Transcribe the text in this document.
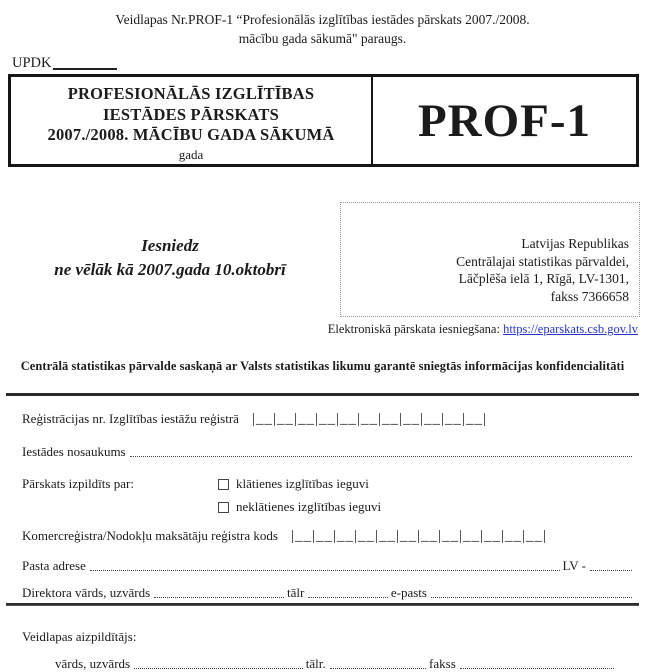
Veidlapas Nr.PROF-1 “Profesionālās izglītības iestādes pārskats 2007./2008.
mācību gada sākumā" paraugs.
UPDK
PROFESIONĀLĀS IZGLĪTĪBAS
IESTĀDES PĀRSKATS
2007./2008. MĀCĪBU GADA SĀKUMĀ
gada
PROF-1
Iesniedz
ne vēlāk kā 2007.gada 10.oktobrī
Latvijas Republikas
Centrālajai statistikas pārvaldei,
Lāčplēša ielā 1, Rīgā, LV-1301,
fakss 7366658
Elektroniskā pārskata iesniegšana: https://eparskats.csb.gov.lv
Centrālā statistikas pārvalde saskaņā ar Valsts statistikas likumu garantē sniegtās informācijas konfidencialitāti
Reģistrācijas nr. Izglītības iestāžu reģistrā |__|__|__|__|__|__|__|__|__|__|__|
Iestādes nosaukums
Pārskats izpildīts par:	klātienes izglītības ieguvi
neklātienes izglītības ieguvi
Komercreģistra/Nodokļu maksātāju reģistra kods |__|__|__|__|__|__|__|__|__|__|__|__|
Pasta adrese	LV -
Direktora vārds, uzvārds	tālr	e-pasts
Veidlapas aizpildītājs:
vārds, uzvārds	tālr.	fakss
